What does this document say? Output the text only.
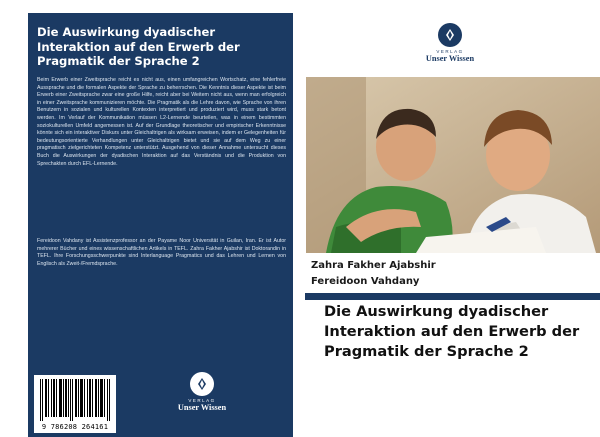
Die Auswirkung dyadischer Interaktion auf den Erwerb der Pragmatik der Sprache 2

Beim Erwerb einer Zweitsprache reicht es nicht aus, einen umfangreichen Wortschatz, eine fehlerfreie Aussprache und die formalen Aspekte der Sprache zu beherrschen. Die Kenntnis dieser Aspekte ist beim Erwerb einer Zweitsprache zwar eine große Hilfe, reicht aber bei Weitem nicht aus, wenn man erfolgreich in einer Zweitsprache kommunizieren möchte. Die Pragmatik als die Lehre davon, wie Sprache von ihren Benutzern in sozialen und kulturellen Kontexten interpretiert und produziert wird, muss stark betont werden. Im Verlauf der Kommunikation müssen L2-Lernende beurteilen, was in einem bestimmten soziokulturellen Umfeld angemessen ist. Auf der Grundlage theoretischer und empirischer Erkenntnisse könnte sich ein interaktiver Diskurs unter Gleichaltrigen als wirksam erweisen, indem er Gelegenheiten für bedeutungsorientierte Verhandlungen unter Gleichaltrigen bietet und sie auf dem Weg zu einer pragmatisch zielgerichteten Kompetenz unterstützt. Ausgehend von dieser Annahme untersucht dieses Buch die Auswirkungen der dyadischen Interaktion auf das Verständnis und die Produktion von Sprechakten durch EFL-Lernende.

Fereidoon Vahdany ist Assistenzprofessor an der Payame Noor Universität in Guilan, Iran. Er ist Autor mehrerer Bücher und eines wissenschaftlichen Artikels in TEFL. Zahra Fakher Ajabshir ist Doktorandin in TEFL. Ihre Forschungsschwerpunkte sind Interlanguage Pragmatics und das Lehren und Lernen von Englisch als Zweit-/Fremdsprache.

9 786208 264161
VERLAG
Unser Wissen
VERLAG
Unser Wissen
Zahra Fakher Ajabshir
Fereidoon Vahdany
Die Auswirkung dyadischer Interaktion auf den Erwerb der Pragmatik der Sprache 2
